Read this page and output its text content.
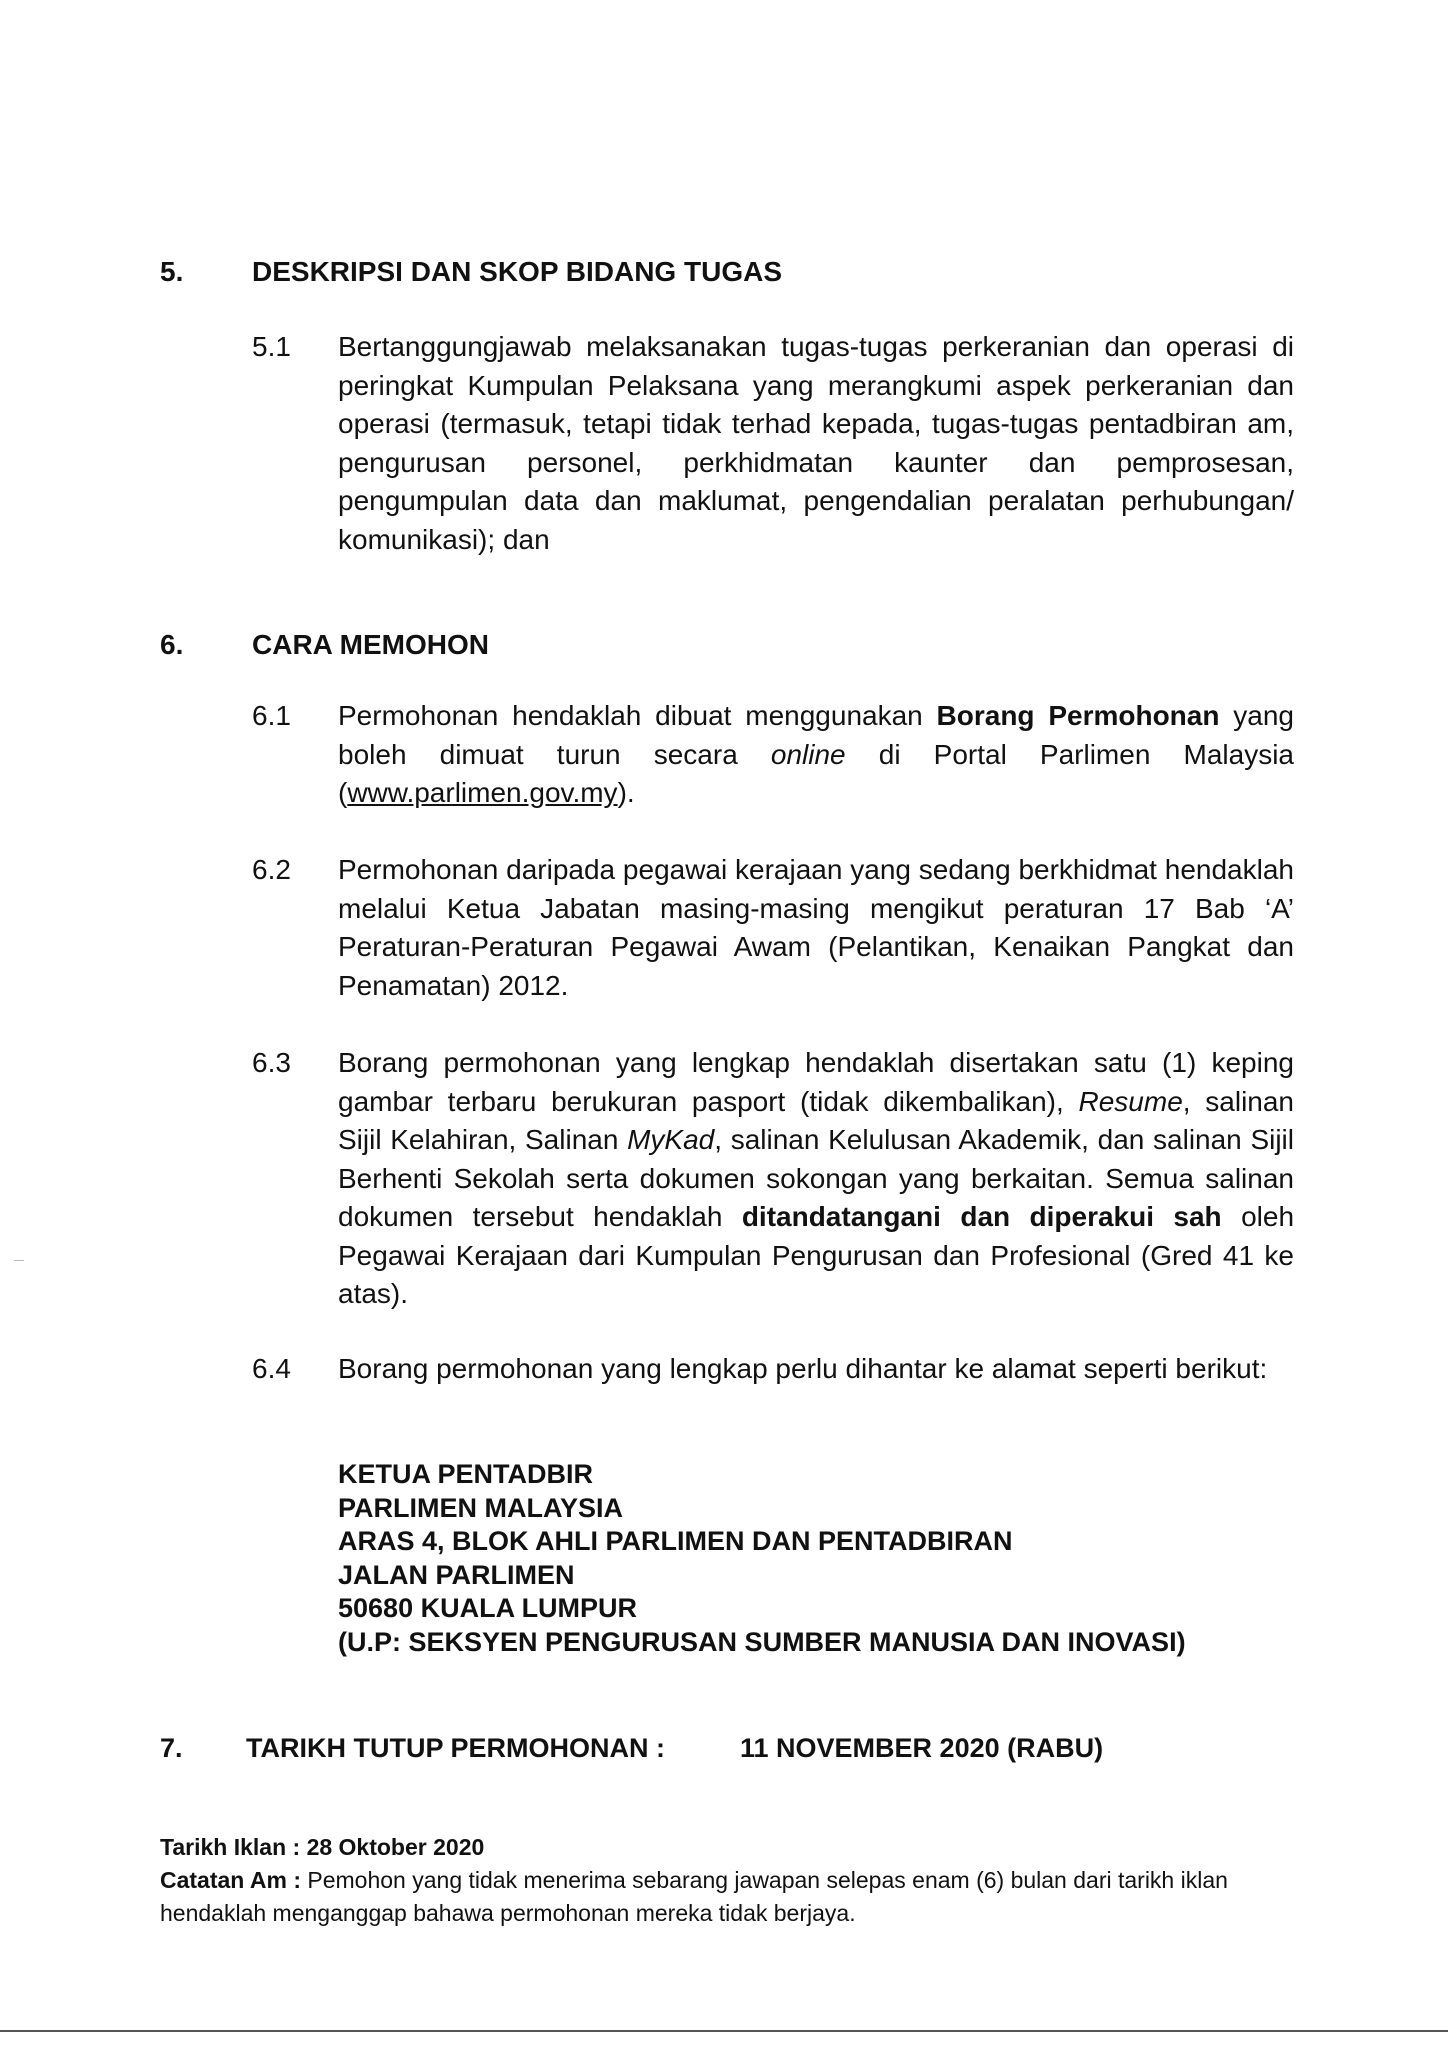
5. DESKRIPSI DAN SKOP BIDANG TUGAS
5.1 Bertanggungjawab melaksanakan tugas-tugas perkeranian dan operasi di peringkat Kumpulan Pelaksana yang merangkumi aspek perkeranian dan operasi (termasuk, tetapi tidak terhad kepada, tugas-tugas pentadbiran am, pengurusan personel, perkhidmatan kaunter dan pemprosesan, pengumpulan data dan maklumat, pengendalian peralatan perhubungan/ komunikasi); dan

6. CARA MEMOHON
6.1 Permohonan hendaklah dibuat menggunakan Borang Permohonan yang boleh dimuat turun secara online di Portal Parlimen Malaysia (www.parlimen.gov.my).

6.2 Permohonan daripada pegawai kerajaan yang sedang berkhidmat hendaklah melalui Ketua Jabatan masing-masing mengikut peraturan 17 Bab ‘A’ Peraturan-Peraturan Pegawai Awam (Pelantikan, Kenaikan Pangkat dan Penamatan) 2012.

6.3 Borang permohonan yang lengkap hendaklah disertakan satu (1) keping gambar terbaru berukuran pasport (tidak dikembalikan), Resume, salinan Sijil Kelahiran, Salinan MyKad, salinan Kelulusan Akademik, dan salinan Sijil Berhenti Sekolah serta dokumen sokongan yang berkaitan. Semua salinan dokumen tersebut hendaklah ditandatangani dan diperakui sah oleh Pegawai Kerajaan dari Kumpulan Pengurusan dan Profesional (Gred 41 ke atas).

6.4 Borang permohonan yang lengkap perlu dihantar ke alamat seperti berikut:

KETUA PENTADBIR
PARLIMEN MALAYSIA
ARAS 4, BLOK AHLI PARLIMEN DAN PENTADBIRAN
JALAN PARLIMEN
50680 KUALA LUMPUR
(U.P: SEKSYEN PENGURUSAN SUMBER MANUSIA DAN INOVASI)
7. TARIKH TUTUP PERMOHONAN :	11 NOVEMBER 2020 (RABU)
Tarikh Iklan : 28 Oktober 2020
Catatan Am : Pemohon yang tidak menerima sebarang jawapan selepas enam (6) bulan dari tarikh iklan hendaklah menganggap bahawa permohonan mereka tidak berjaya.
